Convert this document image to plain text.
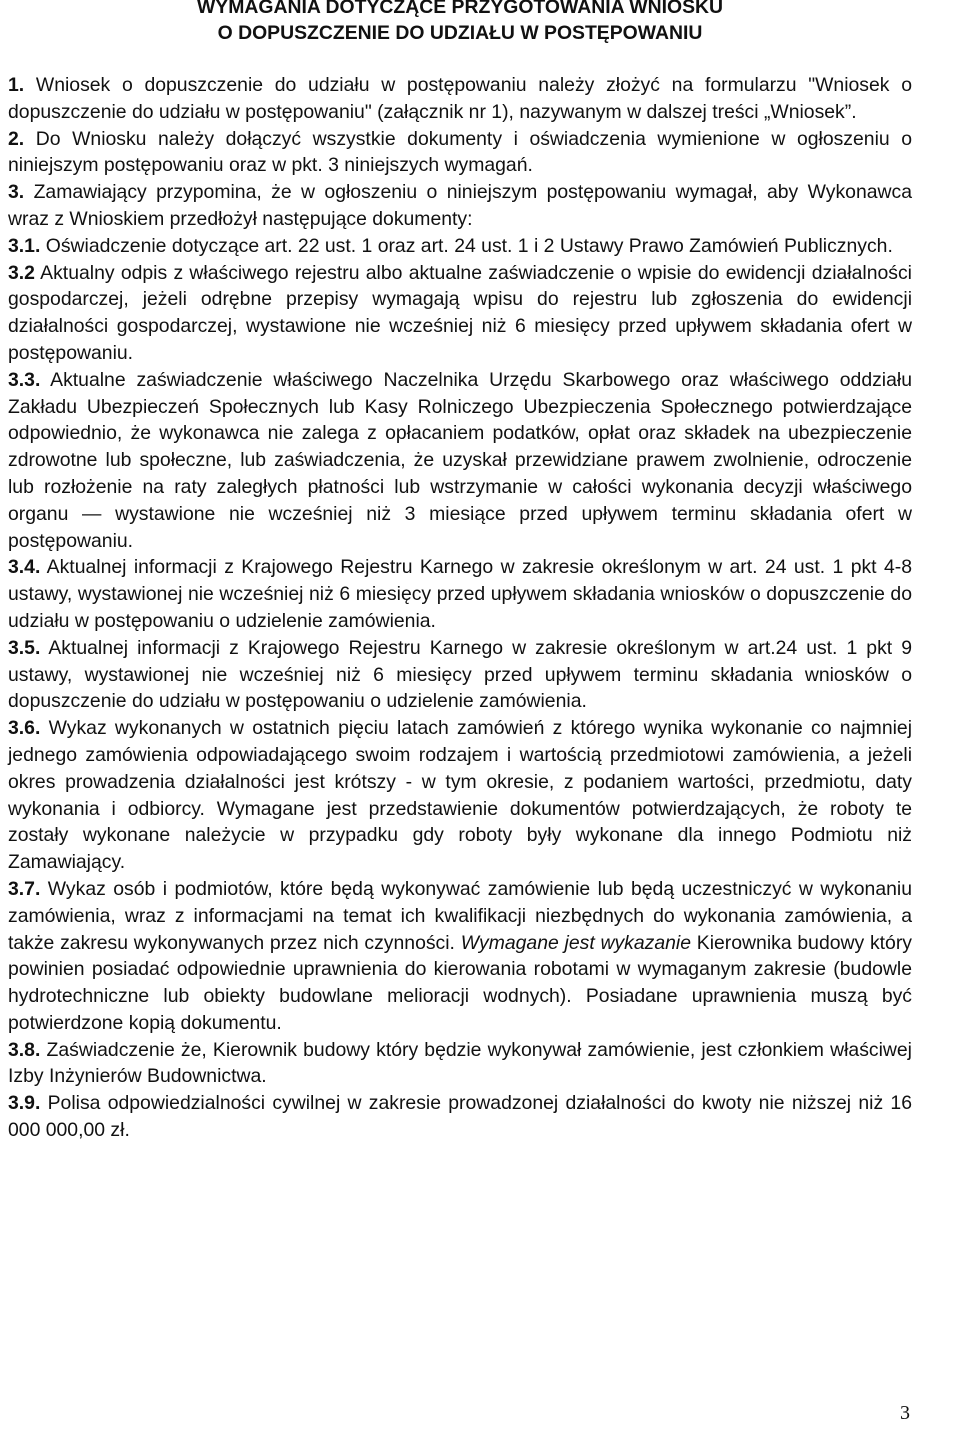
WYMAGANIA DOTYCZĄCE PRZYGOTOWANIA WNIOSKU
O DOPUSZCZENIE DO UDZIAŁU W POSTĘPOWANIU

1. Wniosek o dopuszczenie do udziału w postępowaniu należy złożyć na formularzu "Wniosek o dopuszczenie do udziału w postępowaniu" (załącznik nr 1), nazywanym w dalszej treści „Wniosek”.

2. Do Wniosku należy dołączyć wszystkie dokumenty i oświadczenia wymienione w ogłoszeniu o niniejszym postępowaniu oraz w pkt. 3 niniejszych wymagań.

3. Zamawiający przypomina, że w ogłoszeniu o niniejszym postępowaniu wymagał, aby Wykonawca wraz z Wnioskiem przedłożył następujące dokumenty:

3.1. Oświadczenie dotyczące art. 22 ust. 1 oraz art. 24 ust. 1 i 2 Ustawy Prawo Zamówień Publicznych.

3.2 Aktualny odpis z właściwego rejestru albo aktualne zaświadczenie o wpisie do ewidencji działalności gospodarczej, jeżeli odrębne przepisy wymagają wpisu do rejestru lub zgłoszenia do ewidencji działalności gospodarczej, wystawione nie wcześniej niż 6 miesięcy przed upływem składania ofert w postępowaniu.

3.3. Aktualne zaświadczenie właściwego Naczelnika Urzędu Skarbowego oraz właściwego oddziału Zakładu Ubezpieczeń Społecznych lub Kasy Rolniczego Ubezpieczenia Społecznego potwierdzające odpowiednio, że wykonawca nie zalega z opłacaniem podatków, opłat oraz składek na ubezpieczenie zdrowotne lub społeczne, lub zaświadczenia, że uzyskał przewidziane prawem zwolnienie, odroczenie lub rozłożenie na raty zaległych płatności lub wstrzymanie w całości wykonania decyzji właściwego organu — wystawione nie wcześniej niż 3 miesiące przed upływem terminu składania ofert w postępowaniu.

3.4. Aktualnej informacji z Krajowego Rejestru Karnego w zakresie określonym w art. 24 ust. 1 pkt 4-8 ustawy, wystawionej nie wcześniej niż 6 miesięcy przed upływem składania wniosków o dopuszczenie do udziału w postępowaniu o udzielenie zamówienia.

3.5. Aktualnej informacji z Krajowego Rejestru Karnego w zakresie określonym w art.24 ust. 1 pkt 9 ustawy, wystawionej nie wcześniej niż 6 miesięcy przed upływem terminu składania wniosków o dopuszczenie do udziału w postępowaniu o udzielenie zamówienia.

3.6. Wykaz wykonanych w ostatnich pięciu latach zamówień z którego wynika wykonanie co najmniej jednego zamówienia odpowiadającego swoim rodzajem i wartością przedmiotowi zamówienia, a jeżeli okres prowadzenia działalności jest krótszy - w tym okresie, z podaniem wartości, przedmiotu, daty wykonania i odbiorcy. Wymagane jest przedstawienie dokumentów potwierdzających, że roboty te zostały wykonane należycie w przypadku gdy roboty były wykonane dla innego Podmiotu niż Zamawiający.

3.7. Wykaz osób i podmiotów, które będą wykonywać zamówienie lub będą uczestniczyć w wykonaniu zamówienia, wraz z informacjami na temat ich kwalifikacji niezbędnych do wykonania zamówienia, a także zakresu wykonywanych przez nich czynności. Wymagane jest wykazanie Kierownika budowy który powinien posiadać odpowiednie uprawnienia do kierowania robotami w wymaganym zakresie (budowle hydrotechniczne lub obiekty budowlane melioracji wodnych). Posiadane uprawnienia muszą być potwierdzone kopią dokumentu.

3.8. Zaświadczenie że, Kierownik budowy który będzie wykonywał zamówienie, jest członkiem właściwej Izby Inżynierów Budownictwa.

3.9. Polisa odpowiedzialności cywilnej w zakresie prowadzonej działalności do kwoty nie niższej niż 16 000 000,00 zł.

3
